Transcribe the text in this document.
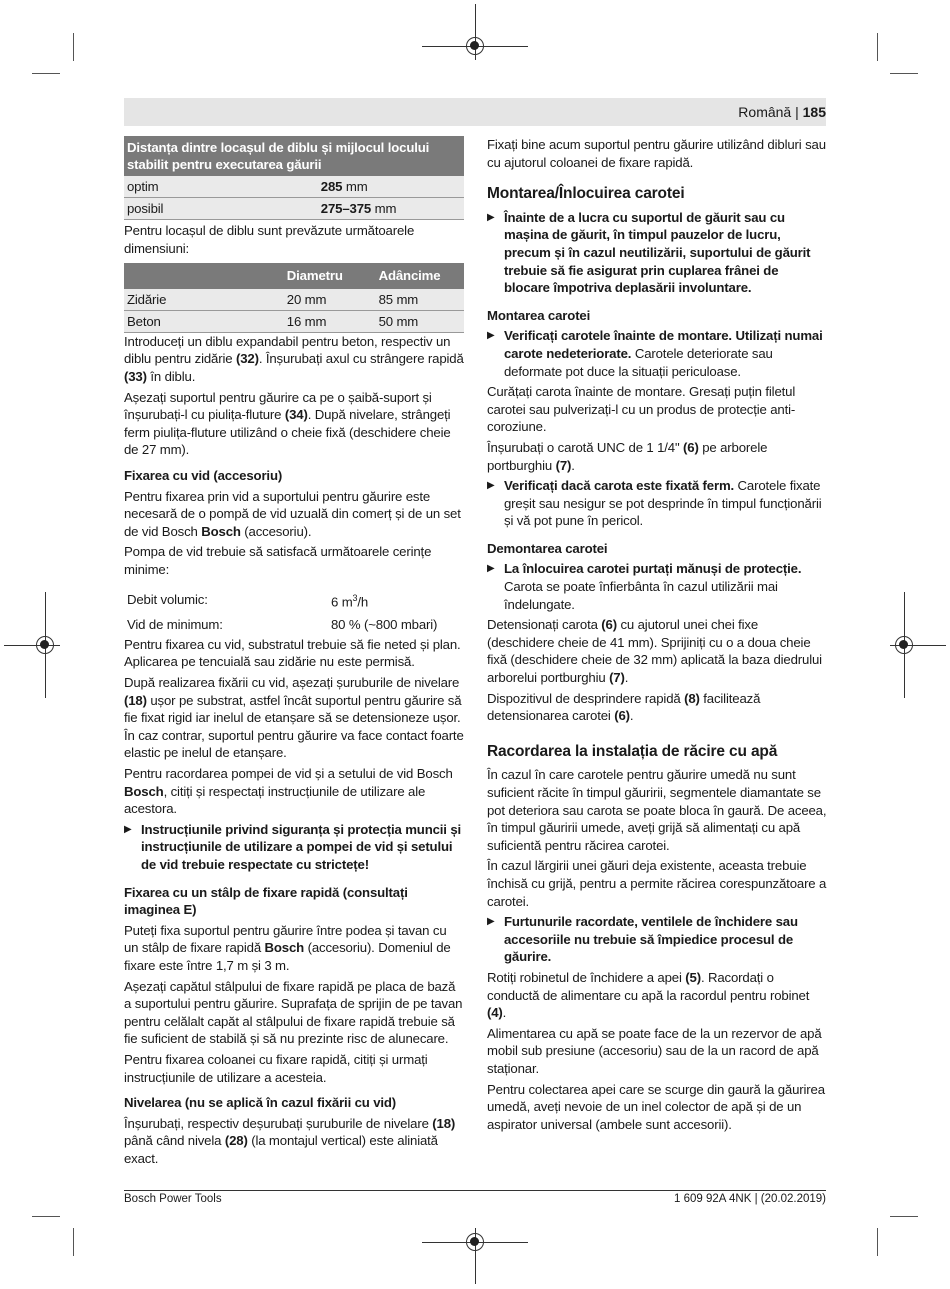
Română | 185
Distanța dintre locașul de diblu și mijlocul locului stabilit pentru executarea găurii	
optim	285 mm
posibil	275–375 mm

Pentru locașul de diblu sunt prevăzute următoarele dimensiuni:

	Diametru	Adâncime
Zidărie	20 mm	85 mm
Beton	16 mm	50 mm

Introduceți un diblu expandabil pentru beton, respectiv un diblu pentru zidărie (32). Înșurubați axul cu strângere rapidă (33) în diblu.

Așezați suportul pentru găurire ca pe o șaibă-suport și înșurubați-l cu piulița-fluture (34). După nivelare, strângeți ferm piulița-fluture utilizând o cheie fixă (deschidere cheie de 27 mm).

Fixarea cu vid (accesoriu)

Pentru fixarea prin vid a suportului pentru găurire este necesară de o pompă de vid uzuală din comerț și de un set de vid Bosch Bosch (accesoriu).

Pompa de vid trebuie să satisfacă următoarele cerințe minime:

Debit volumic:	6 $m^3/h$
Vid de minimum:	80 % (~800 mbari)

Pentru fixarea cu vid, substratul trebuie să fie neted și plan. Aplicarea pe tencuială sau zidărie nu este permisă.

După realizarea fixării cu vid, așezați șuruburile de nivelare (18) ușor pe substrat, astfel încât suportul pentru găurire să fie fixat rigid iar inelul de etanșare să se detensioneze ușor. În caz contrar, suportul pentru găurire va face contact foarte elastic pe inelul de etanșare.

Pentru racordarea pompei de vid și a setului de vid Bosch Bosch, citiți și respectați instrucțiunile de utilizare ale acestora.

▶ Instrucțiunile privind siguranța și protecția muncii și instrucțiunile de utilizare a pompei de vid și setului de vid trebuie respectate cu strictețe!

Fixarea cu un stâlp de fixare rapidă (consultați imaginea E)

Puteți fixa suportul pentru găurire între podea și tavan cu un stâlp de fixare rapidă Bosch (accesoriu). Domeniul de fixare este între 1,7 m și 3 m.

Așezați capătul stâlpului de fixare rapidă pe placa de bază a suportului pentru găurire. Suprafața de sprijin de pe tavan pentru celălalt capăt al stâlpului de fixare rapidă trebuie să fie suficient de stabilă și să nu prezinte risc de alunecare.

Pentru fixarea coloanei cu fixare rapidă, citiți și urmați instrucțiunile de utilizare a acesteia.

Nivelarea (nu se aplică în cazul fixării cu vid)

Înșurubați, respectiv deșurubați șuruburile de nivelare (18) până când nivela (28) (la montajul vertical) este aliniată exact.

Fixați bine acum suportul pentru găurire utilizând dibluri sau cu ajutorul coloanei de fixare rapidă.

Montarea/Înlocuirea carotei

▶ Înainte de a lucra cu suportul de găurit sau cu mașina de găurit, în timpul pauzelor de lucru, precum și în cazul neutilizării, suportului de găurit trebuie să fie asigurat prin cuplarea frânei de blocare împotriva deplasării involuntare.

Montarea carotei

▶ Verificați carotele înainte de montare. Utilizați numai carote nedeteriorate. Carotele deteriorate sau deformate pot duce la situații periculoase.

Curățați carota înainte de montare. Gresați puțin filetul carotei sau pulverizați-l cu un produs de protecție anti-coroziune.

Înșurubați o carotă UNC de 1 1/4" (6) pe arborele portburghiu (7).

▶ Verificați dacă carota este fixată ferm. Carotele fixate greșit sau nesigur se pot desprinde în timpul funcționării și vă pot pune în pericol.

Demontarea carotei

▶ La înlocuirea carotei purtați mănuși de protecție. Carota se poate înfierbânta în cazul utilizării mai îndelungate.

Detensionați carota (6) cu ajutorul unei chei fixe (deschidere cheie de 41 mm). Sprijiniți cu o a doua cheie fixă (deschidere cheie de 32 mm) aplicată la baza diedrului arborelui portburghiu (7).

Dispozitivul de desprindere rapidă (8) facilitează detensionarea carotei (6).

Racordarea la instalația de răcire cu apă

În cazul în care carotele pentru găurire umedă nu sunt suficient răcite în timpul găuririi, segmentele diamantate se pot deteriora sau carota se poate bloca în gaură. De aceea, în timpul găuririi umede, aveți grijă să alimentați cu apă suficientă pentru răcirea carotei.

În cazul lărgirii unei găuri deja existente, aceasta trebuie închisă cu grijă, pentru a permite răcirea corespunzătoare a carotei.

▶ Furtunurile racordate, ventilele de închidere sau accesoriile nu trebuie să împiedice procesul de găurire.

Rotiți robinetul de închidere a apei (5). Racordați o conductă de alimentare cu apă la racordul pentru robinet (4).

Alimentarea cu apă se poate face de la un rezervor de apă mobil sub presiune (accesoriu) sau de la un racord de apă staționar.

Pentru colectarea apei care se scurge din gaură la găurirea umedă, aveți nevoie de un inel colector de apă și de un aspirator universal (ambele sunt accesorii).

Bosch Power Tools	1 609 92A 4NK | (20.02.2019)
